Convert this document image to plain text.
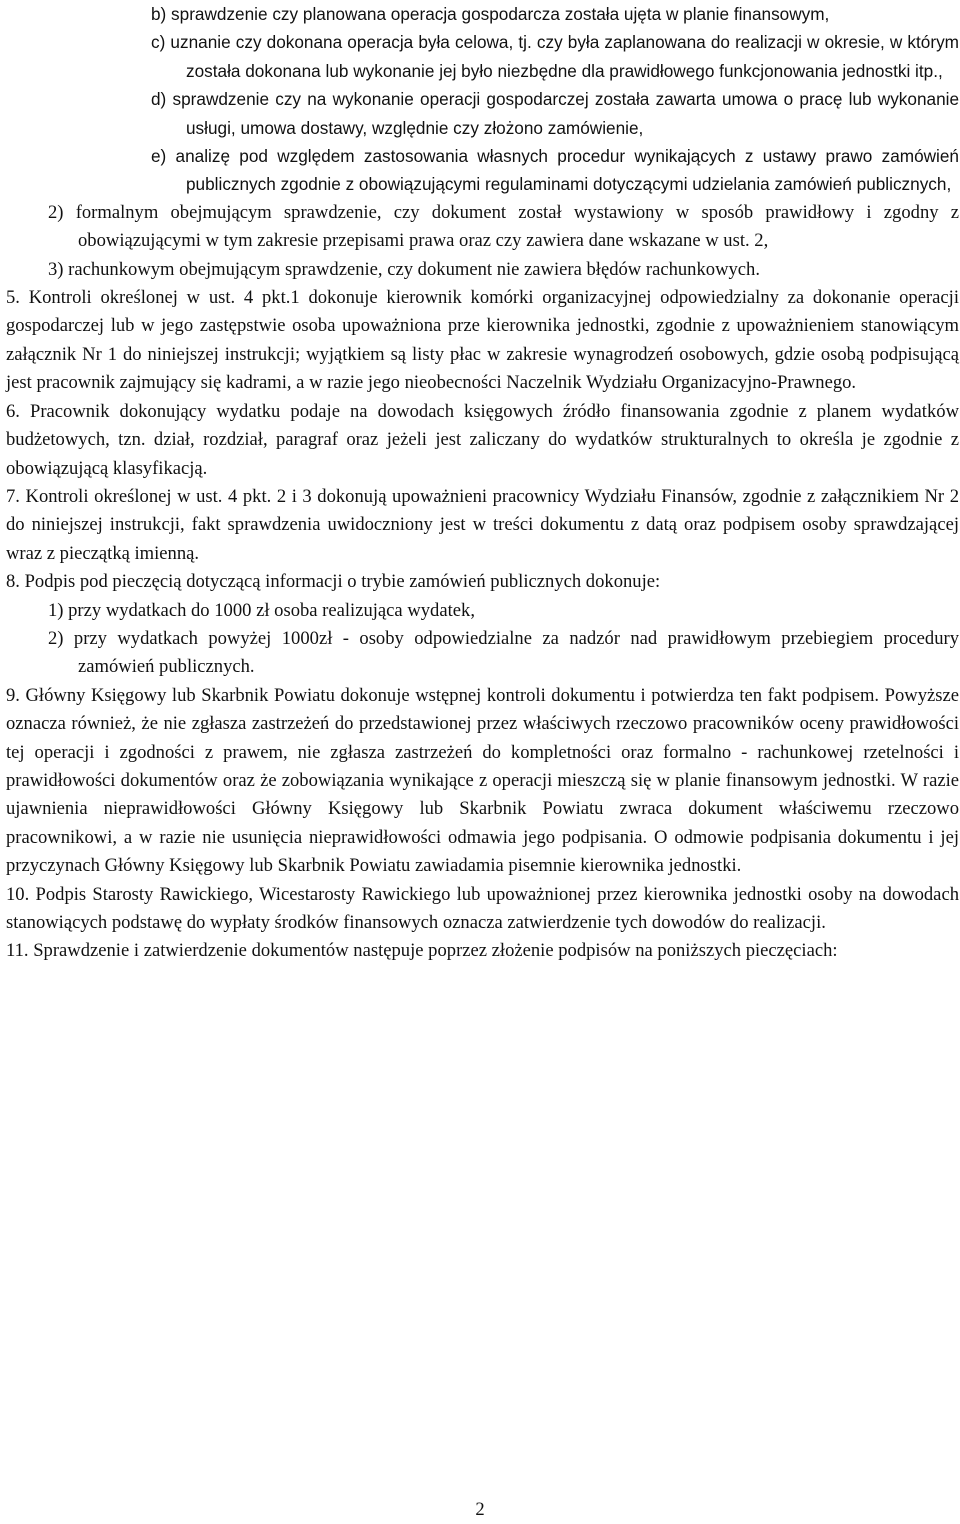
b) sprawdzenie czy planowana operacja gospodarcza została ujęta w planie finansowym,

c) uznanie czy dokonana operacja była celowa, tj. czy była zaplanowana do realizacji w okresie, w którym została dokonana lub wykonanie jej było niezbędne dla prawidłowego funkcjonowania jednostki itp.,

d) sprawdzenie czy na wykonanie operacji gospodarczej została zawarta umowa o pracę lub wykonanie usługi, umowa dostawy, względnie czy złożono zamówienie,

e) analizę pod względem zastosowania własnych procedur wynikających z ustawy prawo zamówień publicznych zgodnie z obowiązującymi regulaminami dotyczącymi udzielania zamówień publicznych,

2) formalnym obejmującym sprawdzenie, czy dokument został wystawiony w sposób prawidłowy i zgodny z obowiązującymi w tym zakresie przepisami prawa oraz czy zawiera dane wskazane w ust. 2,

3) rachunkowym obejmującym sprawdzenie, czy dokument nie zawiera błędów rachunkowych.

5. Kontroli określonej w ust. 4 pkt.1 dokonuje kierownik komórki organizacyjnej odpowiedzialny za dokonanie operacji gospodarczej lub w jego zastępstwie osoba upoważniona prze kierownika jednostki, zgodnie z upoważnieniem stanowiącym załącznik Nr 1 do niniejszej instrukcji; wyjątkiem są listy płac w zakresie wynagrodzeń osobowych, gdzie osobą podpisującą jest pracownik zajmujący się kadrami, a w razie jego nieobecności Naczelnik Wydziału Organizacyjno-Prawnego.

6. Pracownik dokonujący wydatku podaje na dowodach księgowych źródło finansowania zgodnie z planem wydatków budżetowych, tzn. dział, rozdział, paragraf oraz jeżeli jest zaliczany do wydatków strukturalnych to określa je zgodnie z obowiązującą klasyfikacją.

7. Kontroli określonej w ust. 4 pkt. 2 i 3 dokonują upoważnieni pracownicy Wydziału Finansów, zgodnie z załącznikiem Nr 2 do niniejszej instrukcji, fakt sprawdzenia uwidoczniony jest w treści dokumentu z datą oraz podpisem osoby sprawdzającej wraz z pieczątką imienną.

8. Podpis pod pieczęcią dotyczącą informacji o trybie zamówień publicznych dokonuje:

1) przy wydatkach do 1000 zł osoba realizująca wydatek,

2) przy wydatkach powyżej 1000zł - osoby odpowiedzialne za nadzór nad prawidłowym przebiegiem procedury zamówień publicznych.

9. Główny Księgowy lub Skarbnik Powiatu dokonuje wstępnej kontroli dokumentu i potwierdza ten fakt podpisem. Powyższe oznacza również, że nie zgłasza zastrzeżeń do przedstawionej przez właściwych rzeczowo pracowników oceny prawidłowości tej operacji i zgodności z prawem, nie zgłasza zastrzeżeń do kompletności oraz formalno - rachunkowej rzetelności i prawidłowości dokumentów oraz że zobowiązania wynikające z operacji mieszczą się w planie finansowym jednostki. W razie ujawnienia nieprawidłowości Główny Księgowy lub Skarbnik Powiatu zwraca dokument właściwemu rzeczowo pracownikowi, a w razie nie usunięcia nieprawidłowości odmawia jego podpisania. O odmowie podpisania dokumentu i jej przyczynach Główny Księgowy lub Skarbnik Powiatu zawiadamia pisemnie kierownika jednostki.

10. Podpis Starosty Rawickiego, Wicestarosty Rawickiego lub upoważnionej przez kierownika jednostki osoby na dowodach stanowiących podstawę do wypłaty środków finansowych oznacza zatwierdzenie tych dowodów do realizacji.

11. Sprawdzenie i zatwierdzenie dokumentów następuje poprzez złożenie podpisów na poniższych pieczęciach:

2
